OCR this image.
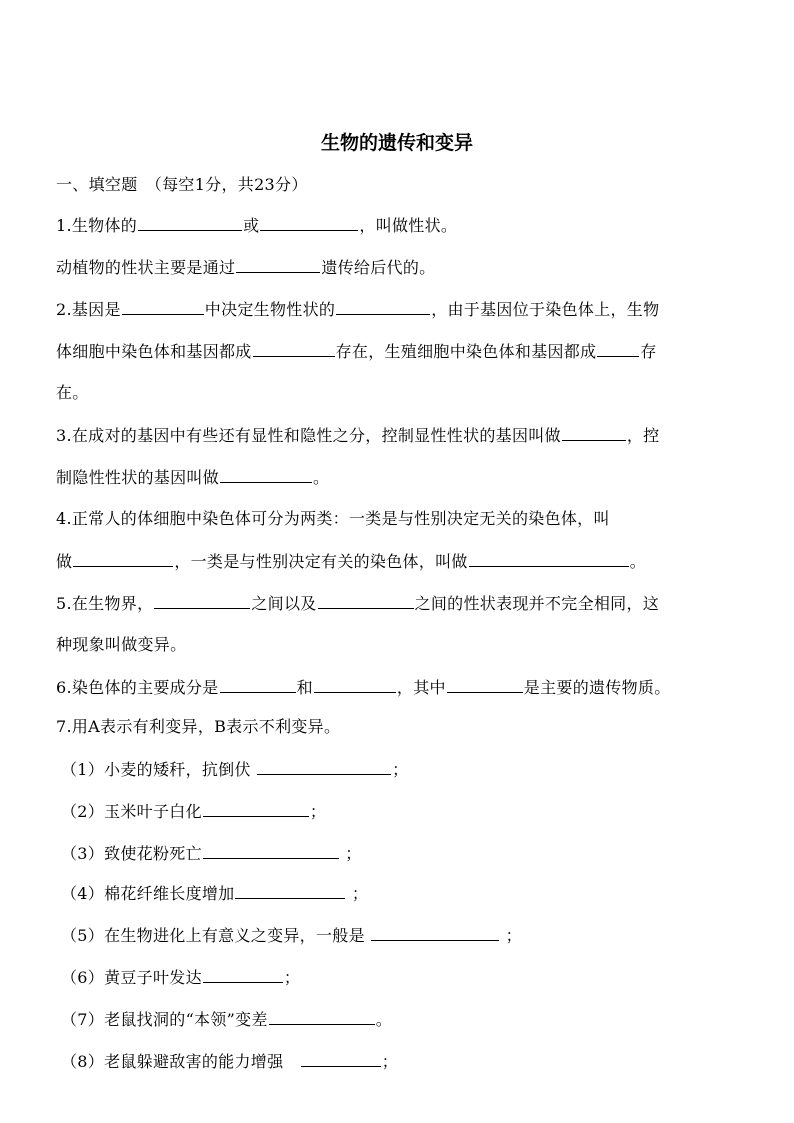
生物的遗传和变异
一、填空题　（每空1分，共23分）
1.生物体的	或	，叫做性状。
动植物的性状主要是通过	遗传给后代的。
2.基因是	中决定生物性状的	，由于基因位于染色体上，生物
体细胞中染色体和基因都成	存在，生殖细胞中染色体和基因都成	存
在。
3.在成对的基因中有些还有显性和隐性之分，控制显性性状的基因叫做	，控
制隐性性状的基因叫做	。
4.正常人的体细胞中染色体可分为两类：一类是与性别决定无关的染色体，叫
做	，一类是与性别决定有关的染色体，叫做	。
5.在生物界，	之间以及	之间的性状表现并不完全相同，这
种现象叫做变异。
6.染色体的主要成分是	和	，其中	是主要的遗传物质。
7.用A表示有利变异，B表示不利变异。
（1）小麦的矮秆，抗倒伏	；
（2）玉米叶子白化	；
（3）致使花粉死亡	；
（4）棉花纤维长度增加	；
（5）在生物进化上有意义之变异，一般是	；
（6）黄豆子叶发达	；
（7）老鼠找洞的“本领”变差	。
（8）老鼠躲避敌害的能力增强　	；
